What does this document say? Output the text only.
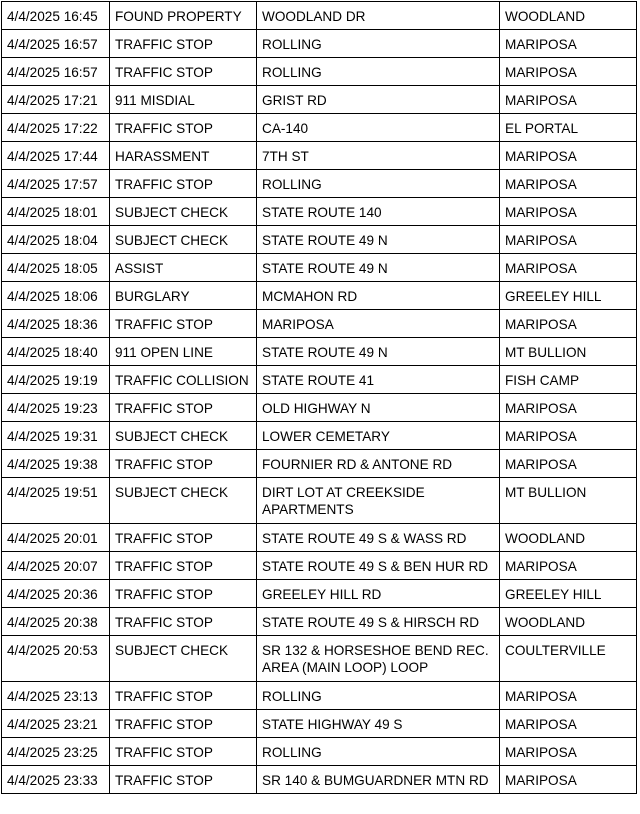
4/4/2025 16:45	FOUND PROPERTY	WOODLAND DR	WOODLAND
4/4/2025 16:57	TRAFFIC STOP	ROLLING	MARIPOSA
4/4/2025 16:57	TRAFFIC STOP	ROLLING	MARIPOSA
4/4/2025 17:21	911 MISDIAL	GRIST RD	MARIPOSA
4/4/2025 17:22	TRAFFIC STOP	CA-140	EL PORTAL
4/4/2025 17:44	HARASSMENT	7TH ST	MARIPOSA
4/4/2025 17:57	TRAFFIC STOP	ROLLING	MARIPOSA
4/4/2025 18:01	SUBJECT CHECK	STATE ROUTE 140	MARIPOSA
4/4/2025 18:04	SUBJECT CHECK	STATE ROUTE 49 N	MARIPOSA
4/4/2025 18:05	ASSIST	STATE ROUTE 49 N	MARIPOSA
4/4/2025 18:06	BURGLARY	MCMAHON RD	GREELEY HILL
4/4/2025 18:36	TRAFFIC STOP	MARIPOSA	MARIPOSA
4/4/2025 18:40	911 OPEN LINE	STATE ROUTE 49 N	MT BULLION
4/4/2025 19:19	TRAFFIC COLLISION	STATE ROUTE 41	FISH CAMP
4/4/2025 19:23	TRAFFIC STOP	OLD HIGHWAY N	MARIPOSA
4/4/2025 19:31	SUBJECT CHECK	LOWER CEMETARY	MARIPOSA
4/4/2025 19:38	TRAFFIC STOP	FOURNIER RD & ANTONE RD	MARIPOSA
4/4/2025 19:51	SUBJECT CHECK	DIRT LOT AT CREEKSIDE APARTMENTS	MT BULLION
4/4/2025 20:01	TRAFFIC STOP	STATE ROUTE 49 S & WASS RD	WOODLAND
4/4/2025 20:07	TRAFFIC STOP	STATE ROUTE 49 S & BEN HUR RD	MARIPOSA
4/4/2025 20:36	TRAFFIC STOP	GREELEY HILL RD	GREELEY HILL
4/4/2025 20:38	TRAFFIC STOP	STATE ROUTE 49 S & HIRSCH RD	WOODLAND
4/4/2025 20:53	SUBJECT CHECK	SR 132 & HORSESHOE BEND REC. AREA (MAIN LOOP) LOOP	COULTERVILLE
4/4/2025 23:13	TRAFFIC STOP	ROLLING	MARIPOSA
4/4/2025 23:21	TRAFFIC STOP	STATE HIGHWAY 49 S	MARIPOSA
4/4/2025 23:25	TRAFFIC STOP	ROLLING	MARIPOSA
4/4/2025 23:33	TRAFFIC STOP	SR 140 & BUMGUARDNER MTN RD	MARIPOSA
